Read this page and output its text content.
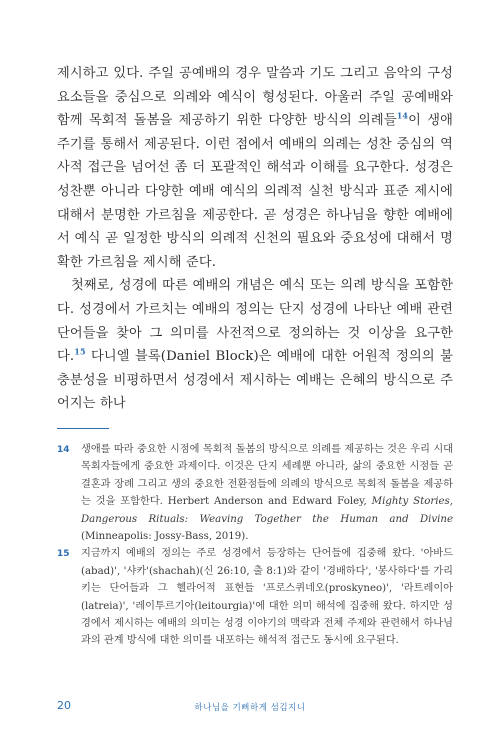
제시하고 있다. 주일 공예배의 경우 말씀과 기도 그리고 음악의 구성 요소들을 중심으로 의례와 예식이 형성된다. 아울러 주일 공예배와 함께 목회적 돌봄을 제공하기 위한 다양한 방식의 의례들$^{14}$이 생애 주기를 통해서 제공된다. 이런 점에서 예배의 의례는 성찬 중심의 역사적 접근을 넘어선 좀 더 포괄적인 해석과 이해를 요구한다. 성경은 성찬뿐 아니라 다양한 예배 예식의 의례적 실천 방식과 표준 제시에 대해서 분명한 가르침을 제공한다. 곧 성경은 하나님을 향한 예배에서 예식 곧 일정한 방식의 의례적 신천의 필요와 중요성에 대해서 명확한 가르침을 제시해 준다.

첫째로, 성경에 따른 예배의 개념은 예식 또는 의례 방식을 포함한다. 성경에서 가르치는 예배의 정의는 단지 성경에 나타난 예배 관련 단어들을 찾아 그 의미를 사전적으로 정의하는 것 이상을 요구한다.$^{15}$ 다니엘 블록(Daniel Block)은 예배에 대한 어원적 정의의 불충분성을 비평하면서 성경에서 제시하는 예배는 은혜의 방식으로 주어지는 하나

14	생애를 따라 중요한 시점에 목회적 돌봄의 방식으로 의례를 제공하는 것은 우리 시대 목회자들에게 중요한 과제이다. 이것은 단지 세례뿐 아니라, 삶의 중요한 시점들 곧 결혼과 장례 그리고 생의 중요한 전환점들에 의례의 방식으로 목회적 돌봄을 제공하는 것을 포함한다. Herbert Anderson and Edward Foley, Mighty Stories, Dangerous Rituals: Weaving Together the Human and Divine (Minneapolis: Jossy-Bass, 2019).
15	지금까지 예배의 정의는 주로 성경에서 등장하는 단어들에 집중해 왔다. '아바드(abad)', '샤카'(shachah)(신 26:10, 출 8:1)와 같이 '경배하다', '봉사하다'를 가리키는 단어들과 그 헬라어적 표현들 '프로스퀴네오(proskyneo)', '라트레이아(latreia)', '레이투르기아(leitourgia)'에 대한 의미 해석에 집중해 왔다. 하지만 성경에서 제시하는 예배의 의미는 성경 이야기의 맥락과 전체 주제와 관련해서 하나님과의 관계 방식에 대한 의미를 내포하는 해석적 접근도 동시에 요구된다.
20	하나님을 기뻐하게 섬김지니
